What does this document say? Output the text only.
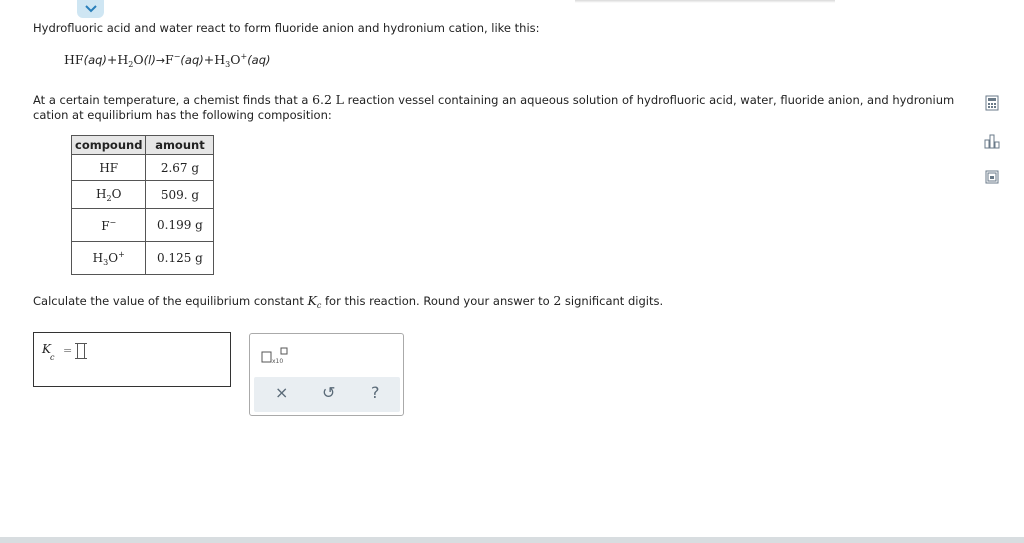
Hydrofluoric acid and water react to form fluoride anion and hydronium cation, like this:
$HF(aq)+H_2O(l)\to F^-(aq)+H_3O^+(aq)$
At a certain temperature, a chemist finds that a 6.2 L reaction vessel containing an aqueous solution of hydrofluoric acid, water, fluoride anion, and hydronium
cation at equilibrium has the following composition:
compound	amount
HF	2.67 g
$H_2O$	509. g
F−	0.199 g
$H_3O^+$	0.125 g
Calculate the value of the equilibrium constant $K_c$ for this reaction. Round your answer to 2 significant digits.
K
c
=
x10
× ↺ ?
